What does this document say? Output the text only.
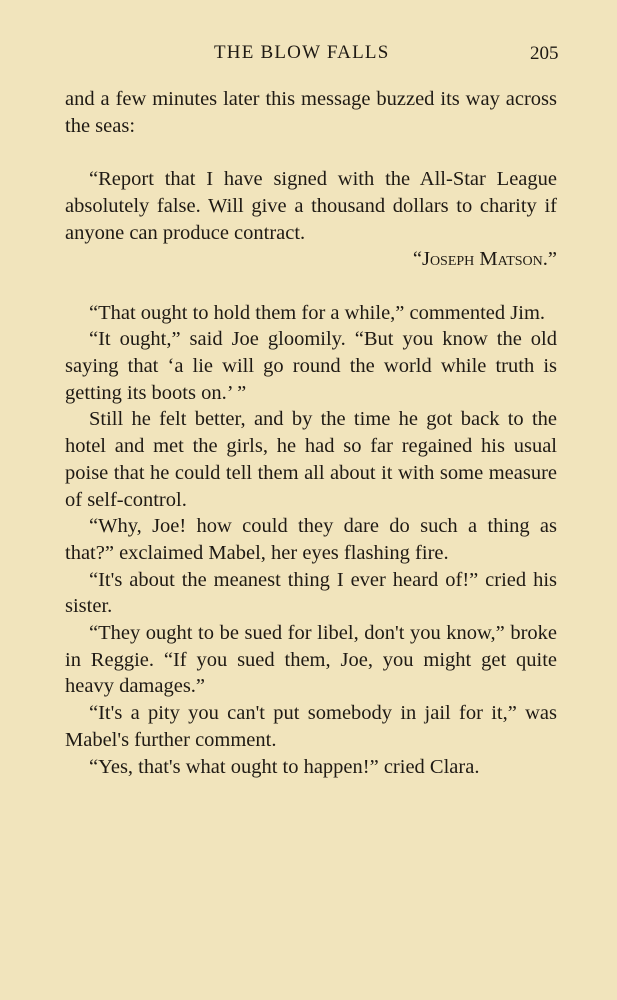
THE BLOW FALLS	205

and a few minutes later this message buzzed its way across the seas:

“Report that I have signed with the All-Star League absolutely false. Will give a thousand dollars to charity if anyone can produce contract.

“Joseph Matson.”

“That ought to hold them for a while,” commented Jim.

“It ought,” said Joe gloomily. “But you know the old saying that ‘a lie will go round the world while truth is getting its boots on.’ ”

Still he felt better, and by the time he got back to the hotel and met the girls, he had so far regained his usual poise that he could tell them all about it with some measure of self-control.

“Why, Joe! how could they dare do such a thing as that?” exclaimed Mabel, her eyes flashing fire.

“It's about the meanest thing I ever heard of!” cried his sister.

“They ought to be sued for libel, don't you know,” broke in Reggie. “If you sued them, Joe, you might get quite heavy damages.”

“It's a pity you can't put somebody in jail for it,” was Mabel's further comment.

“Yes, that's what ought to happen!” cried Clara.
